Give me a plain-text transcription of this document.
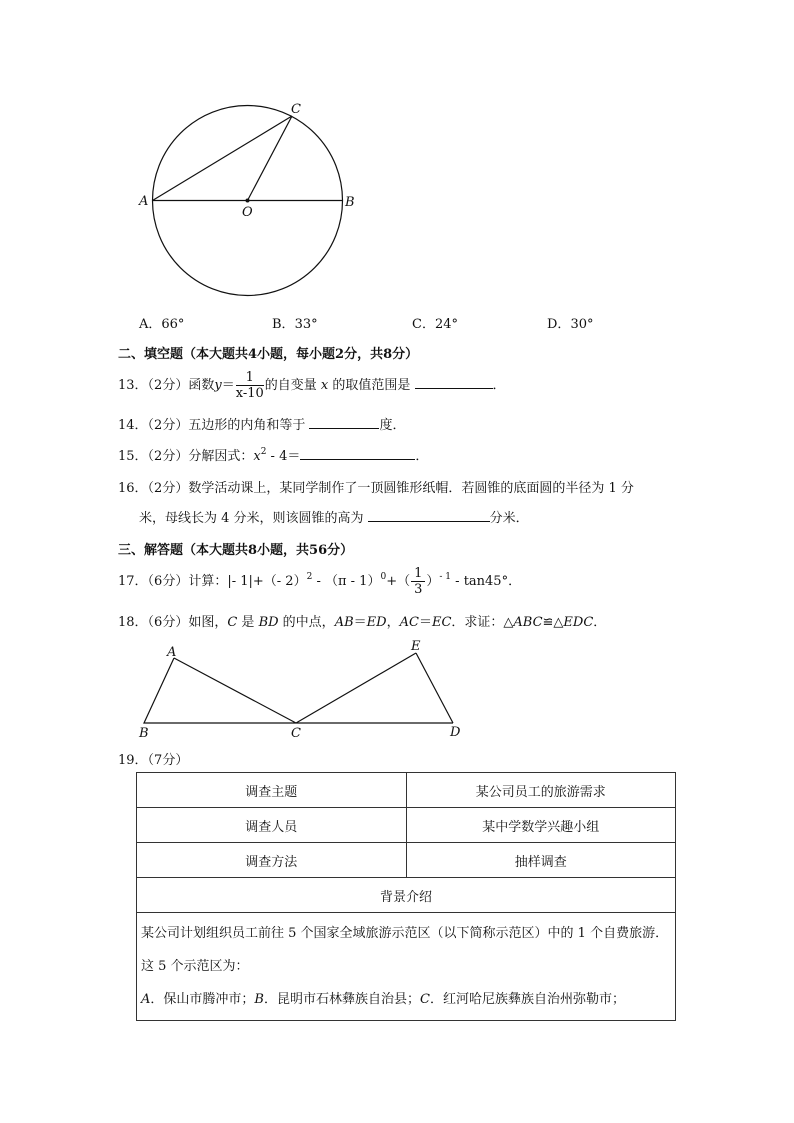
A	B
C
O
A．66°	B．33°	C．24°	D．30°
二、填空题（本大题共4小题，每小题2分，共8分）
13．（2分）函数$y= \frac{1}{x-10}$ 的自变量 x 的取值范围是	．
14．（2分）五边形的内角和等于	度．
15．（2分）分解因式：$x^2 - 4=$	．
16．（2分）数学活动课上，某同学制作了一顶圆锥形纸帽．若圆锥的底面圆的半径为 1 分
米，母线长为 4 分米，则该圆锥的高为	分米．
三、解答题（本大题共8小题，共56分）
17．（6分）计算：|- 1|+（- $2)^2 - (\pi - 1)^0+( \frac{1}{3} )^{- 1} - \tan 45^\circ$．
18．（6分）如图，C 是 BD 的中点，AB＝ED，AC＝EC．求证：△ABC≌△EDC．
A
B	C	D
E
19．（7分）
调查主题	某公司员工的旅游需求
调查人员	某中学数学兴趣小组
调查方法	抽样调查
背景介绍	

某公司计划组织员工前往 5 个国家全域旅游示范区（以下简称示范区）中的 1 个自费旅游．这 5 个示范区为：
A．保山市腾冲市；B．昆明市石林彝族自治县；C．红河哈尼族彝族自治州弥勒市；	
